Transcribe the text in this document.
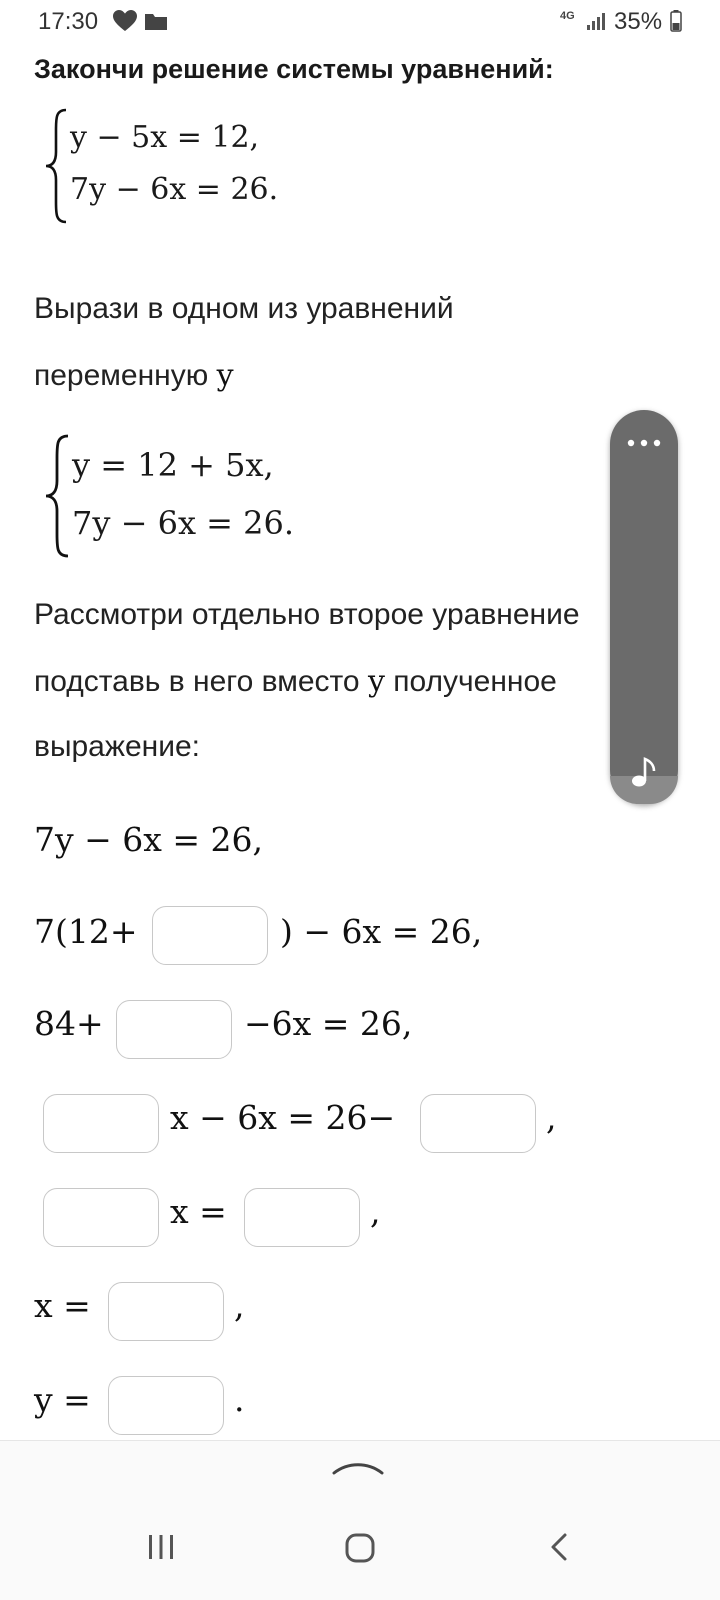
17:30	4G 35%
Закончи решение системы уравнений:
y − 5x = 12,
7y − 6x = 26.
Вырази в одном из уравнений
переменную y
y = 12 + 5x,
7y − 6x = 26.
Рассмотри отдельно второе уравнение
подставь в него вместо y полученное
выражение:
7y − 6x = 26,
7(12+	) − 6x = 26,
84+	−6x = 26,
x − 6x = 26−	,
x =	,
x =	,
y =	.
